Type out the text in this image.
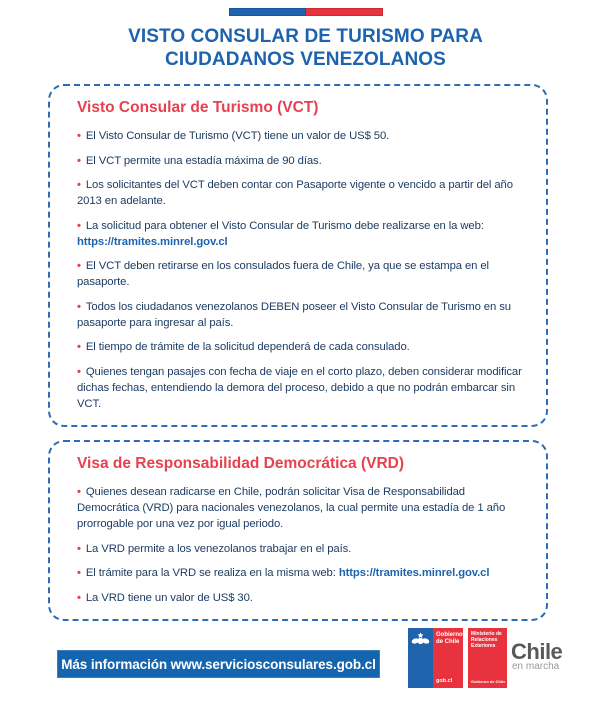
VISTO CONSULAR DE TURISMO PARA
CIUDADANOS VENEZOLANOS
Visto Consular de Turismo (VCT)

• El Visto Consular de Turismo (VCT) tiene un valor de US$ 50.

• El VCT permite una estadía máxima de 90 días.

• Los solicitantes del VCT deben contar con Pasaporte vigente o vencido a partir del año 2013 en adelante.

• La solicitud para obtener el Visto Consular de Turismo debe realizarse en la web:
https://tramites.minrel.gov.cl

• El VCT deben retirarse en los consulados fuera de Chile, ya que se estampa en el pasaporte.

• Todos los ciudadanos venezolanos DEBEN poseer el Visto Consular de Turismo en su pasaporte para ingresar al país.

• El tiempo de trámite de la solicitud dependerá de cada consulado.

• Quienes tengan pasajes con fecha de viaje en el corto plazo, deben considerar modificar dichas fechas, entendiendo la demora del proceso, debido a que no podrán embarcar sin VCT.

Visa de Responsabilidad Democrática (VRD)

• Quienes desean radicarse en Chile, podrán solicitar Visa de Responsabilidad Democrática (VRD) para nacionales venezolanos, la cual permite una estadía de 1 año prorrogable por una vez por igual periodo.

• La VRD permite a los venezolanos trabajar en el país.

• El trámite para la VRD se realiza en la misma web: https://tramites.minrel.gov.cl

• La VRD tiene un valor de US$ 30.

Más información www.serviciosconsulares.gob.cl
Gobierno de Chile
gob.cl
Ministerio de Relaciones Exteriores
Gobierno de Chile
Chile
en marcha
